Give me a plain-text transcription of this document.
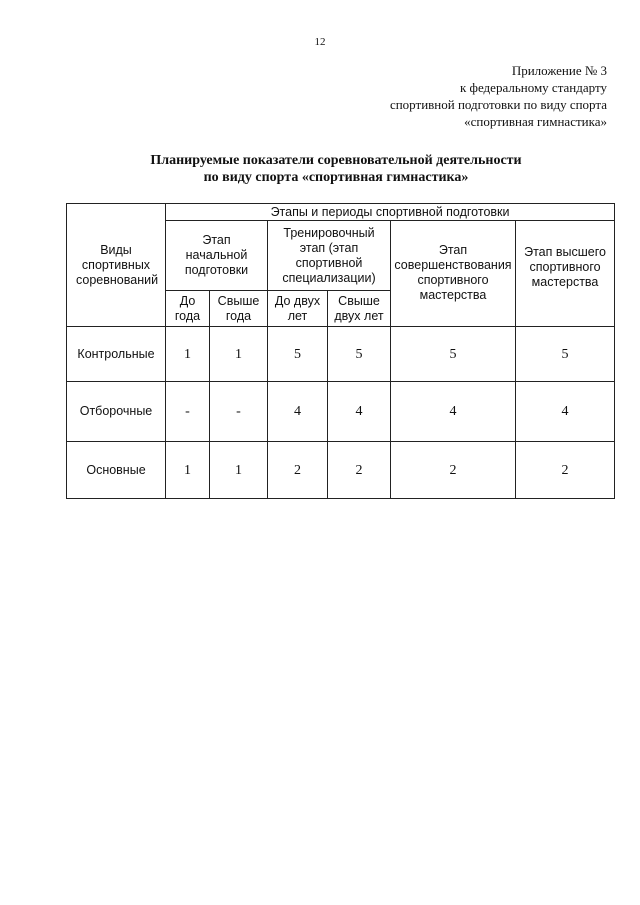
12
Приложение № 3
к федеральному стандарту
спортивной подготовки по виду спорта
«спортивная гимнастика»
Планируемые показатели соревновательной деятельности
по виду спорта «спортивная гимнастика»
Виды спортивных соревнований	Этапы и периоды спортивной подготовки					

	Этап начальной подготовки		Тренировочный этап (этап спортивной специализации)		Этап совершенствования спортивного мастерства	Этап высшего спортивного мастерства

	До года	Свыше года	До двух лет	Свыше двух лет		
Контрольные	1	1	5	5	5	5
Отборочные	-	-	4	4	4	4
Основные	1	1	2	2	2	2
